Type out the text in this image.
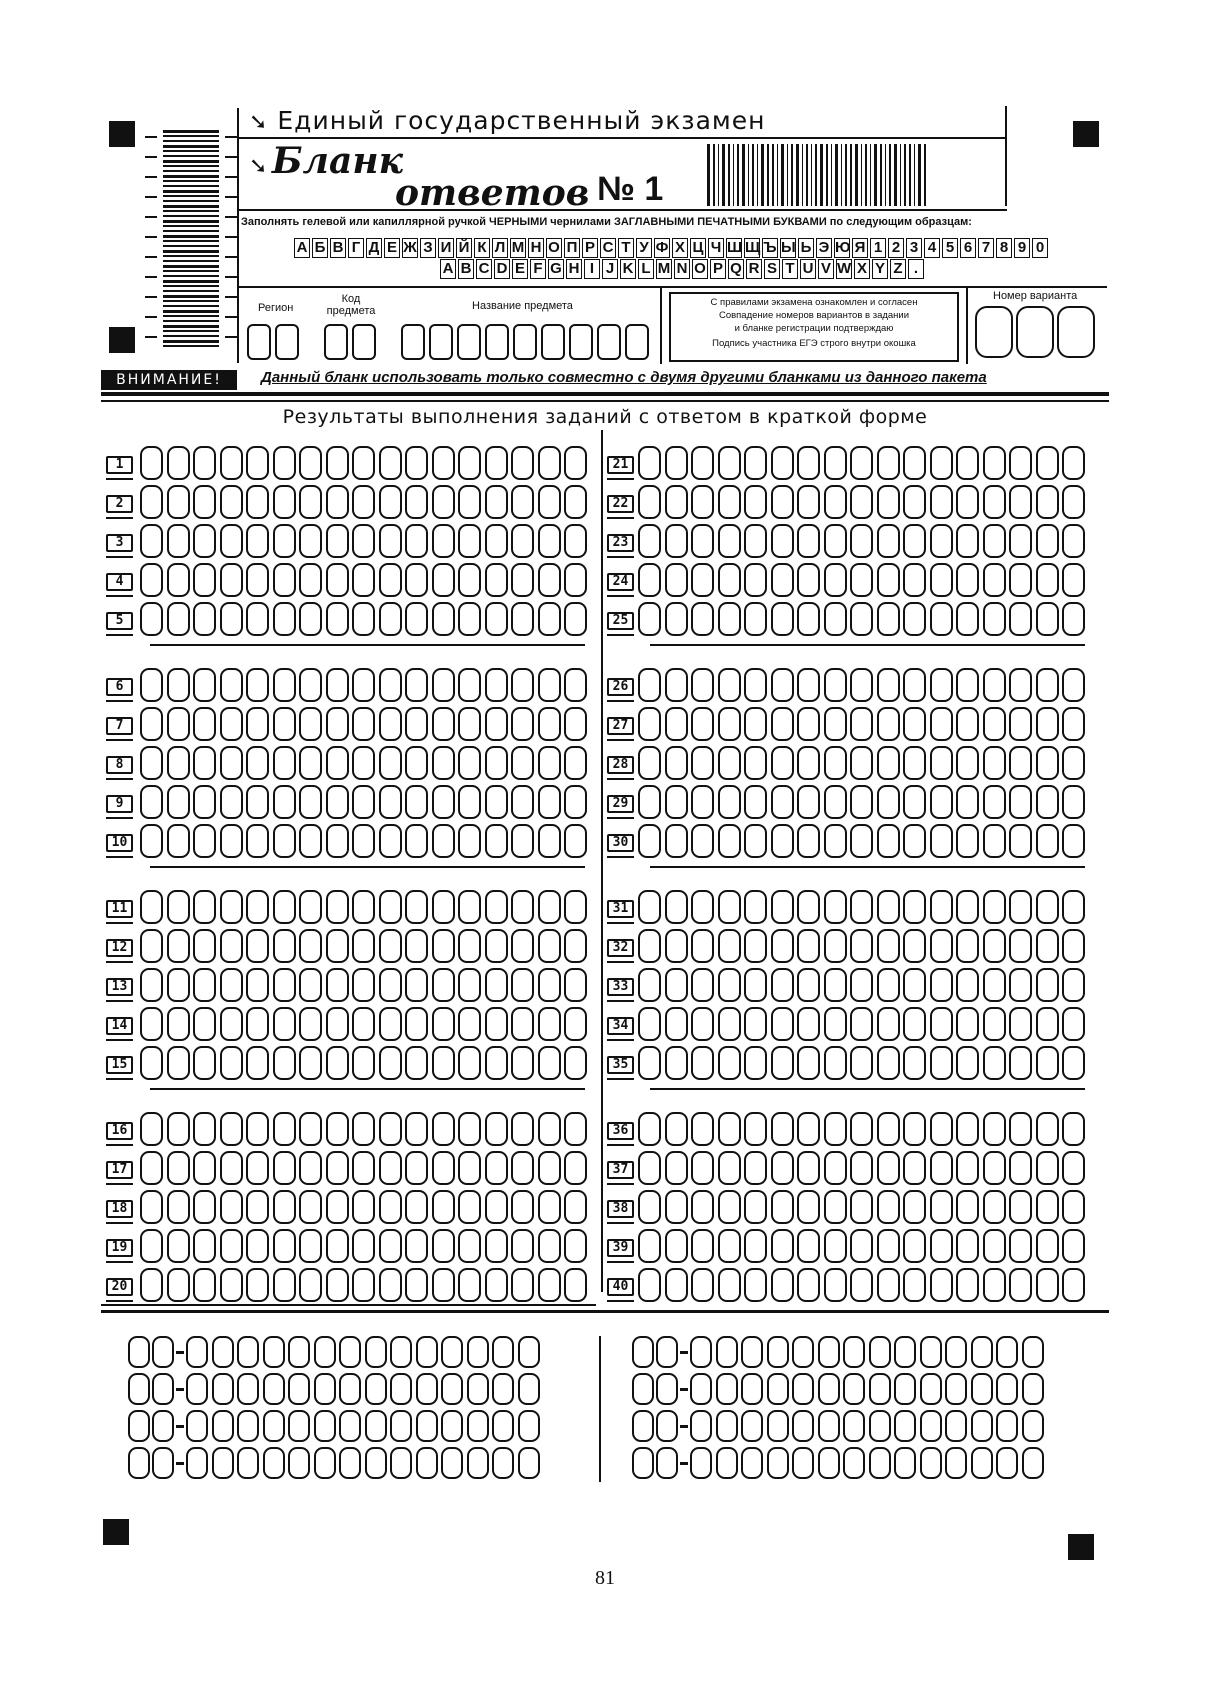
➘ Единый государственный экзамен
➘ Бланк
ответов № 1
Заполнять гелевой или капиллярной ручкой ЧЕРНЫМИ чернилами ЗАГЛАВНЫМИ ПЕЧАТНЫМИ БУКВАМИ по следующим образцам:
А Б В Г Д Е Ж З И Й К Л М Н О П Р С Т У Ф Х Ц Ч Ш Щ Ъ Ы Ь Э Ю Я 1 2 3 4 5 6 7 8 9 0
A B C D E F G H I J K L M N O P Q R S T U V W X Y Z .
Регион
Код предмета	Название предмета	С правилами экзамена ознакомлен и согласен
Совпадение номеров вариантов в задании
и бланке регистрации подтверждаю
Подпись участника ЕГЭ строго внутри окошка
Номер варианта
ВНИМАНИЕ!	Данный бланк использовать только совместно с двумя другими бланками из данного пакета
Результаты выполнения заданий с ответом в краткой форме
81
1	21
2	22
3	23
4	24
5	25
6	26
7	27
8	28
9	29
10	30
11	31
12	32
13	33
14	34
15	35
16	36
17	37
18	38
19	39
20	40
